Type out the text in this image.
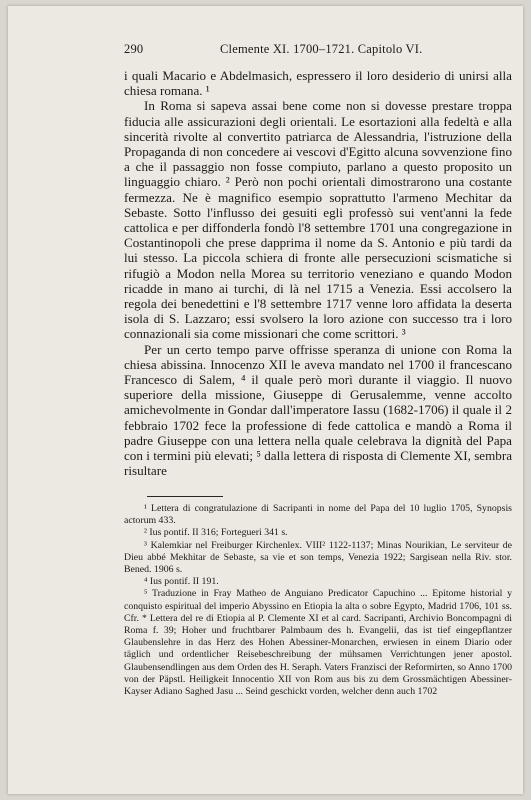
290	Clemente XI. 1700–1721. Capitolo VI.

i quali Macario e Abdelmasich, espressero il loro desiderio di unirsi alla chiesa romana. ¹

In Roma si sapeva assai bene come non si dovesse prestare troppa fiducia alle assicurazioni degli orientali. Le esortazioni alla fedeltà e alla sincerità rivolte al convertito patriarca de Alessandria, l'istruzione della Propaganda di non concedere ai vescovi d'Egitto alcuna sovvenzione fino a che il passaggio non fosse compiuto, parlano a questo proposito un linguaggio chiaro. ² Però non pochi orientali dimostrarono una costante fermezza. Ne è magnifico esempio soprattutto l'armeno Mechitar da Sebaste. Sotto l'influsso dei gesuiti egli professò sui vent'anni la fede cattolica e per diffonderla fondò l'8 settembre 1701 una congregazione in Costantinopoli che prese dapprima il nome da S. Antonio e più tardi da lui stesso. La piccola schiera di fronte alle persecuzioni scismatiche si rifugiò a Modon nella Morea su territorio veneziano e quando Modon ricadde in mano ai turchi, di là nel 1715 a Venezia. Essi accolsero la regola dei benedettini e l'8 settembre 1717 venne loro affidata la deserta isola di S. Lazzaro; essi svolsero la loro azione con successo tra i loro connazionali sia come missionari che come scrittori. ³

Per un certo tempo parve offrisse speranza di unione con Roma la chiesa abissina. Innocenzo XII le aveva mandato nel 1700 il francescano Francesco di Salem, ⁴ il quale però morì durante il viaggio. Il nuovo superiore della missione, Giuseppe di Gerusalemme, venne accolto amichevolmente in Gondar dall'imperatore Iassu (1682-1706) il quale il 2 febbraio 1702 fece la professione di fede cattolica e mandò a Roma il padre Giuseppe con una lettera nella quale celebrava la dignità del Papa con i termini più elevati; ⁵ dalla lettera di risposta di Clemente XI, sembra risultare

¹ Lettera di congratulazione di Sacripanti in nome del Papa del 10 luglio 1705, Synopsis actorum 433.

² Ius pontif. II 316; Fortegueri 341 s.

³ Kalemkiar nel Freiburger Kirchenlex. VIII² 1122-1137; Minas Nourikian, Le serviteur de Dieu abbé Mekhitar de Sebaste, sa vie et son temps, Venezia 1922; Sargisean nella Riv. stor. Bened. 1906 s.

⁴ Ius pontif. II 191.

⁵ Traduzione in Fray Matheo de Anguiano Predicator Capuchino ... Epitome historial y conquisto espiritual del imperio Abyssino en Etiopia la alta o sobre Egypto, Madrid 1706, 101 ss. Cfr. * Lettera del re di Etiopia al P. Clemente XI et al card. Sacripanti, Archivio Boncompagni di Roma f. 39; Hoher und fruchtbarer Palmbaum des h. Evangelii, das ist tief eingepflantzer Glaubenslehre in das Herz des Hohen Abessiner-Monarchen, erwiesen in einem Diario oder täglich und ordentlicher Reisebeschreibung der mühsamen Verrichtungen jener apostol. Glaubensendlingen aus dem Orden des H. Seraph. Vaters Franzisci der Reformirten, so Anno 1700 von der Päpstl. Heiligkeit Innocentio XII von Rom aus bis zu dem Grossmächtigen Abessiner-Kayser Adiano Saghed Jasu ... Seind geschickt vorden, welcher denn auch 1702
